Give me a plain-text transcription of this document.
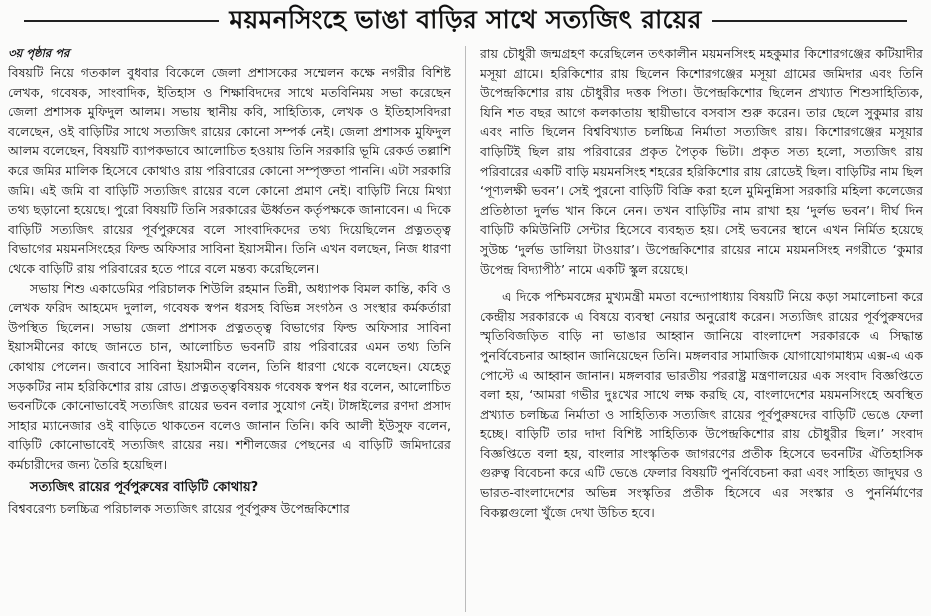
ময়মনসিংহে ভাঙা বাড়ির সাথে সত্যজিৎ রায়ের
৩য় পৃষ্ঠার পর

বিষয়টি নিয়ে গতকাল বুধবার বিকেলে জেলা প্রশাসকের সম্মেলন কক্ষে নগরীর বিশিষ্ট লেখক, গবেষক, সাংবাদিক, ইতিহাস ও শিক্ষাবিদদের সাথে মতবিনিময় সভা করেছেন জেলা প্রশাসক মুফিদুল আলম। সভায় স্থানীয় কবি, সাহিত্যিক, লেখক ও ইতিহাসবিদরা বলেছেন, ওই বাড়িটির সাথে সত্যজিৎ রায়ের কোনো সম্পর্ক নেই। জেলা প্রশাসক মুফিদুল আলম বলেছেন, বিষয়টি ব্যাপকভাবে আলোচিত হওয়ায় তিনি সরকারি ভূমি রেকর্ড তল্লাশি করে জমির মালিক হিসেবে কোথাও রায় পরিবারের কোনো সম্পৃক্ততা পাননি। এটা সরকারি জমি। এই জমি বা বাড়িটি সত্যজিৎ রায়ের বলে কোনো প্রমাণ নেই। বাড়িটি নিয়ে মিথ্যা তথ্য ছড়ানো হয়েছে। পুরো বিষয়টি তিনি সরকারের ঊর্ধ্বতন কর্তৃপক্ষকে জানাবেন। এ দিকে বাড়িটি সত্যজিৎ রায়ের পূর্বপুরুষের বলে সাংবাদিকদের তথ্য দিয়েছিলেন প্রত্নতত্ত্ব বিভাগের ময়মনসিংহের ফিল্ড অফিসার সাবিনা ইয়াসমীন। তিনি এখন বলছেন, নিজ ধারণা থেকে বাড়িটি রায় পরিবারের হতে পারে বলে মন্তব্য করেছিলেন।

সভায় শিশু একাডেমির পরিচালক শিউলি রহমান তিন্নী, অধ্যাপক বিমল কান্তি, কবি ও লেখক ফরিদ আহমেদ দুলাল, গবেষক স্বপন ধরসহ বিভিন্ন সংগঠন ও সংস্থার কর্মকর্তারা উপস্থিত ছিলেন। সভায় জেলা প্রশাসক প্রত্নতত্ত্ব বিভাগের ফিল্ড অফিসার সাবিনা ইয়াসমীনের কাছে জানতে চান, আলোচিত ভবনটি রায় পরিবারের এমন তথ্য তিনি কোথায় পেলেন। জবাবে সাবিনা ইয়াসমীন বলেন, তিনি ধারণা থেকে বলেছেন। যেহেতু সড়কটির নাম হরিকিশোর রায় রোড। প্রত্নতত্ত্ববিষয়ক গবেষক স্বপন ধর বলেন, আলোচিত ভবনটিকে কোনোভাবেই সত্যজিৎ রায়ের ভবন বলার সুযোগ নেই। টাঙ্গাইলের রণদা প্রসাদ সাহার ম্যানেজার ওই বাড়িতে থাকতেন বলেও জানান তিনি। কবি আলী ইউসুফ বলেন, বাড়িটি কোনোভাবেই সত্যজিৎ রায়ের নয়। শশীলজের পেছনের এ বাড়িটি জমিদারের কর্মচারীদের জন্য তৈরি হয়েছিল।

সত্যজিৎ রায়ের পূর্বপুরুষের বাড়িটি কোথায়?

বিশ্ববরেণ্য চলচ্চিত্র পরিচালক সত্যজিৎ রায়ের পূর্বপুরুষ উপেন্দ্রকিশোর

রায় চৌধুরী জন্মগ্রহণ করেছিলেন তৎকালীন ময়মনসিংহ মহকুমার কিশোরগঞ্জের কটিয়াদীর মসূয়া গ্রামে। হরিকিশোর রায় ছিলেন কিশোরগঞ্জের মসূয়া গ্রামের জমিদার এবং তিনি উপেন্দ্রকিশোর রায় চৌধুরীর দত্তক পিতা। উপেন্দ্রকিশোর ছিলেন প্রখ্যাত শিশুসাহিত্যিক, যিনি শত বছর আগে কলকাতায় স্থায়ীভাবে বসবাস শুরু করেন। তার ছেলে সুকুমার রায় এবং নাতি ছিলেন বিশ্ববিখ্যাত চলচ্চিত্র নির্মাতা সত্যজিৎ রায়। কিশোরগঞ্জের মসূয়ার বাড়িটিই ছিল রায় পরিবারের প্রকৃত পৈতৃক ভিটা। প্রকৃত সত্য হলো, সত্যজিৎ রায় পরিবারের একটি বাড়ি ময়মনসিংহ শহরের হরিকিশোর রায় রোডেই ছিল। বাড়িটির নাম ছিল ‘পূণ্যলক্ষী ভবন’। সেই পুরনো বাড়িটি বিক্রি করা হলে মুমিনুন্নিসা সরকারি মহিলা কলেজের প্রতিষ্ঠাতা দুর্লভ খান কিনে নেন। তখন বাড়িটির নাম রাখা হয় ‘দুর্লভ ভবন’। দীর্ঘ দিন বাড়িটি কমিউনিটি সেন্টার হিসেবে ব্যবহৃত হয়। সেই ভবনের স্থানে এখন নির্মিত হয়েছে সুউচ্চ ‘দুর্লভ ডালিয়া টাওয়ার’। উপেন্দ্রকিশোর রায়ের নামে ময়মনসিংহ নগরীতে ‘কুমার উপেন্দ্র বিদ্যাপীঠ’ নামে একটি স্কুল রয়েছে।

এ দিকে পশ্চিমবঙ্গের মুখ্যমন্ত্রী মমতা বন্দ্যোপাধ্যায় বিষয়টি নিয়ে কড়া সমালোচনা করে কেন্দ্রীয় সরকারকে এ বিষয়ে ব্যবস্থা নেয়ার অনুরোধ করেন। সত্যজিৎ রায়ের পূর্বপুরুষদের স্মৃতিবিজড়িত বাড়ি না ভাঙার আহ্বান জানিয়ে বাংলাদেশ সরকারকে এ সিদ্ধান্ত পুনর্বিবেচনার আহ্বান জানিয়েছেন তিনি। মঙ্গলবার সামাজিক যোগাযোগমাধ্যম এক্স-এ এক পোস্টে এ আহ্বান জানান। মঙ্গলবার ভারতীয় পররাষ্ট্র মন্ত্রণালয়ের এক সংবাদ বিজ্ঞপ্তিতে বলা হয়, ‘আমরা গভীর দুঃখের সাথে লক্ষ করছি যে, বাংলাদেশের ময়মনসিংহে অবস্থিত প্রখ্যাত চলচ্চিত্র নির্মাতা ও সাহিত্যিক সত্যজিৎ রায়ের পূর্বপুরুষদের বাড়িটি ভেঙে ফেলা হচ্ছে। বাড়িটি তার দাদা বিশিষ্ট সাহিত্যিক উপেন্দ্রকিশোর রায় চৌধুরীর ছিল।’ সংবাদ বিজ্ঞপ্তিতে বলা হয়, বাংলার সাংস্কৃতিক জাগরণের প্রতীক হিসেবে ভবনটির ঐতিহাসিক গুরুত্ব বিবেচনা করে এটি ভেঙে ফেলার বিষয়টি পুনর্বিবেচনা করা এবং সাহিত্য জাদুঘর ও ভারত-বাংলাদেশের অভিন্ন সংস্কৃতির প্রতীক হিসেবে এর সংস্কার ও পুনর্নির্মাণের বিকল্পগুলো খুঁজে দেখা উচিত হবে।
